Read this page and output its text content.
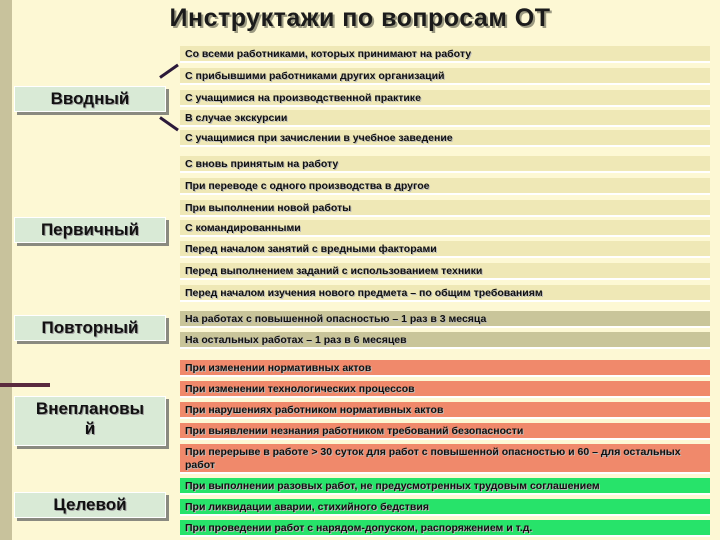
Инструктажи по вопросам ОТ
Вводный
Первичный
Повторный
Внеплановы
й
Целевой
Со всеми работниками, которых принимают на работу
С прибывшими работниками других организаций
С учащимися на производственной практике
В случае экскурсии
С учащимися при зачислении в учебное заведение
С вновь принятым на работу
При переводе с одного производства в другое
При выполнении новой работы
С командированными
Перед началом занятий с вредными факторами
Перед выполнением заданий с использованием техники
Перед началом изучения нового предмета – по общим требованиям
На работах с повышенной опасностью – 1 раз в 3 месяца
На остальных работах – 1 раз в 6 месяцев
При изменении нормативных актов
При изменении технологических процессов
При нарушениях работником нормативных актов
При выявлении незнания работником требований безопасности
При перерыве в работе > 30 суток для работ с повышенной опасностью и 60 – для остальных работ
При выполнении разовых работ, не предусмотренных трудовым соглашением
При ликвидации аварии, стихийного бедствия
При проведении работ с нарядом-допуском, распоряжением и т.д.
